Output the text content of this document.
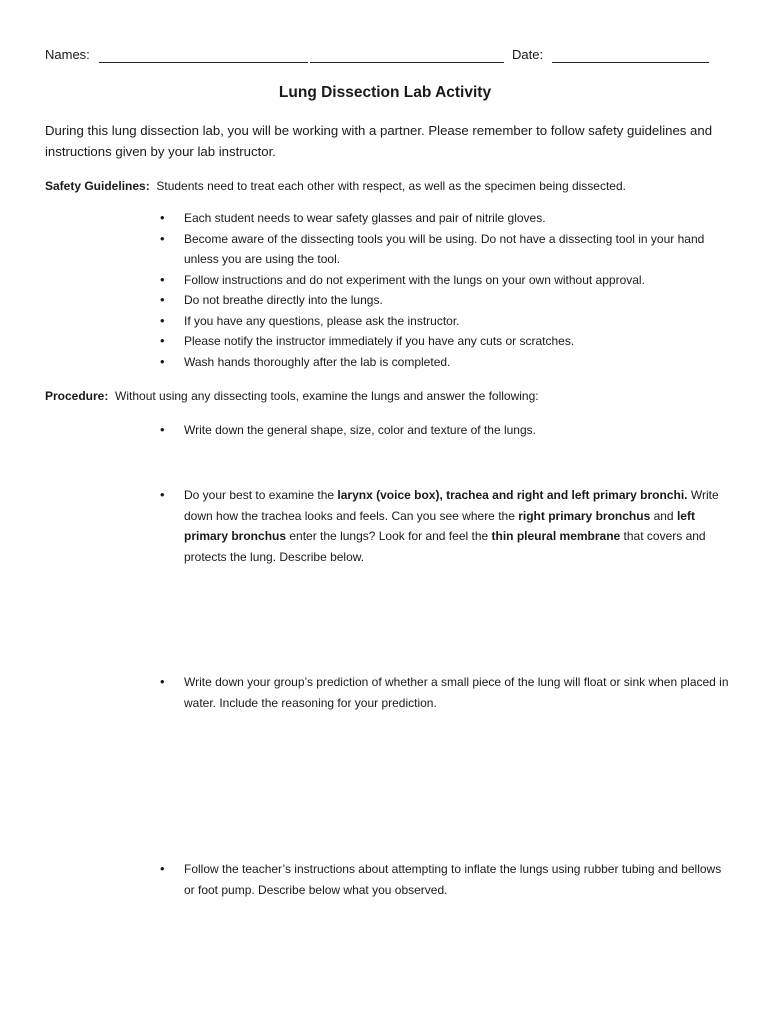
Names:	Date:
Lung Dissection Lab Activity
During this lung dissection lab, you will be working with a partner. Please remember to follow safety guidelines and instructions given by your lab instructor.
Safety Guidelines: Students need to treat each other with respect, as well as the specimen being dissected.
• Each student needs to wear safety glasses and pair of nitrile gloves.
• Become aware of the dissecting tools you will be using. Do not have a dissecting tool in your hand unless you are using the tool.
• Follow instructions and do not experiment with the lungs on your own without approval.
• Do not breathe directly into the lungs.
• If you have any questions, please ask the instructor.
• Please notify the instructor immediately if you have any cuts or scratches.
• Wash hands thoroughly after the lab is completed.
Procedure: Without using any dissecting tools, examine the lungs and answer the following:
• Write down the general shape, size, color and texture of the lungs.
• Do your best to examine the larynx (voice box), trachea and right and left primary bronchi. Write down how the trachea looks and feels. Can you see where the right primary bronchus and left primary bronchus enter the lungs? Look for and feel the thin pleural membrane that covers and protects the lung. Describe below.
• Write down your group’s prediction of whether a small piece of the lung will float or sink when placed in water. Include the reasoning for your prediction.
• Follow the teacher’s instructions about attempting to inflate the lungs using rubber tubing and bellows or foot pump. Describe below what you observed.
